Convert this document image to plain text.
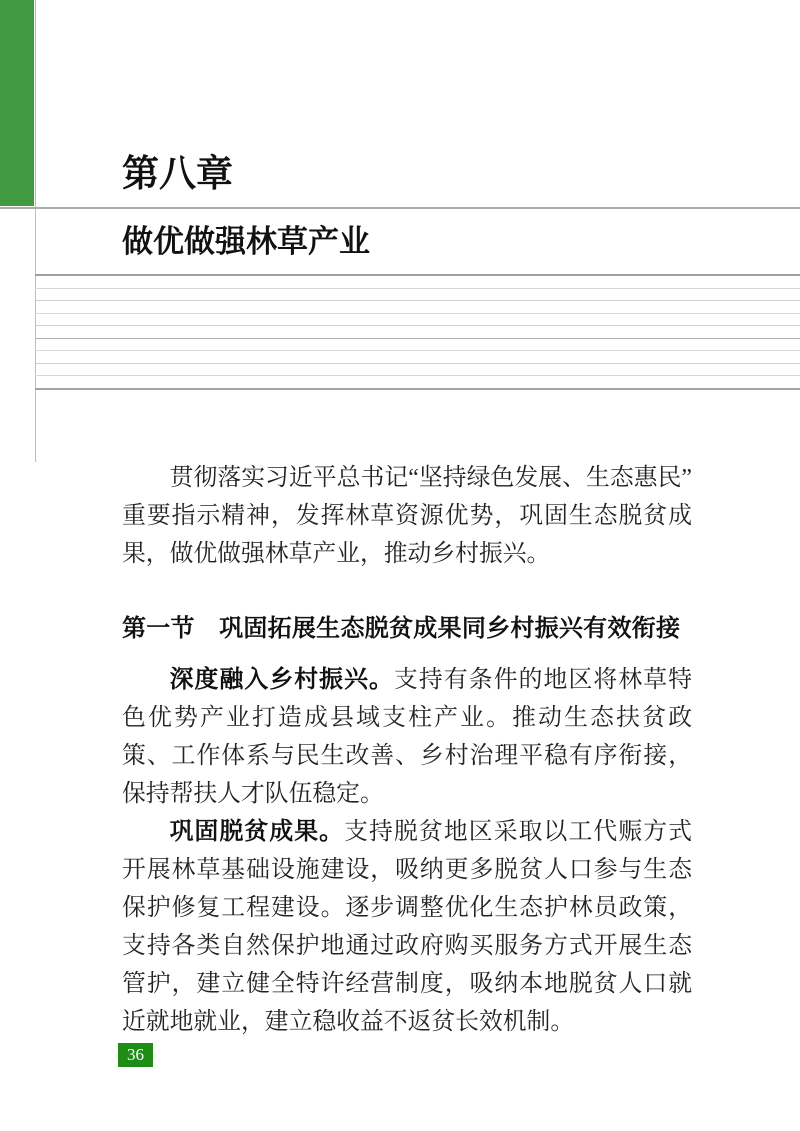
第八章
做优做强林草产业

贯彻落实习近平总书记“坚持绿色发展、生态惠民”重要指示精神，发挥林草资源优势，巩固生态脱贫成果，做优做强林草产业，推动乡村振兴。

第一节　巩固拓展生态脱贫成果同乡村振兴有效衔接

深度融入乡村振兴。支持有条件的地区将林草特色优势产业打造成县域支柱产业。推动生态扶贫政策、工作体系与民生改善、乡村治理平稳有序衔接，保持帮扶人才队伍稳定。

巩固脱贫成果。支持脱贫地区采取以工代赈方式开展林草基础设施建设，吸纳更多脱贫人口参与生态保护修复工程建设。逐步调整优化生态护林员政策，支持各类自然保护地通过政府购买服务方式开展生态管护，建立健全特许经营制度，吸纳本地脱贫人口就近就地就业，建立稳收益不返贫长效机制。

36
